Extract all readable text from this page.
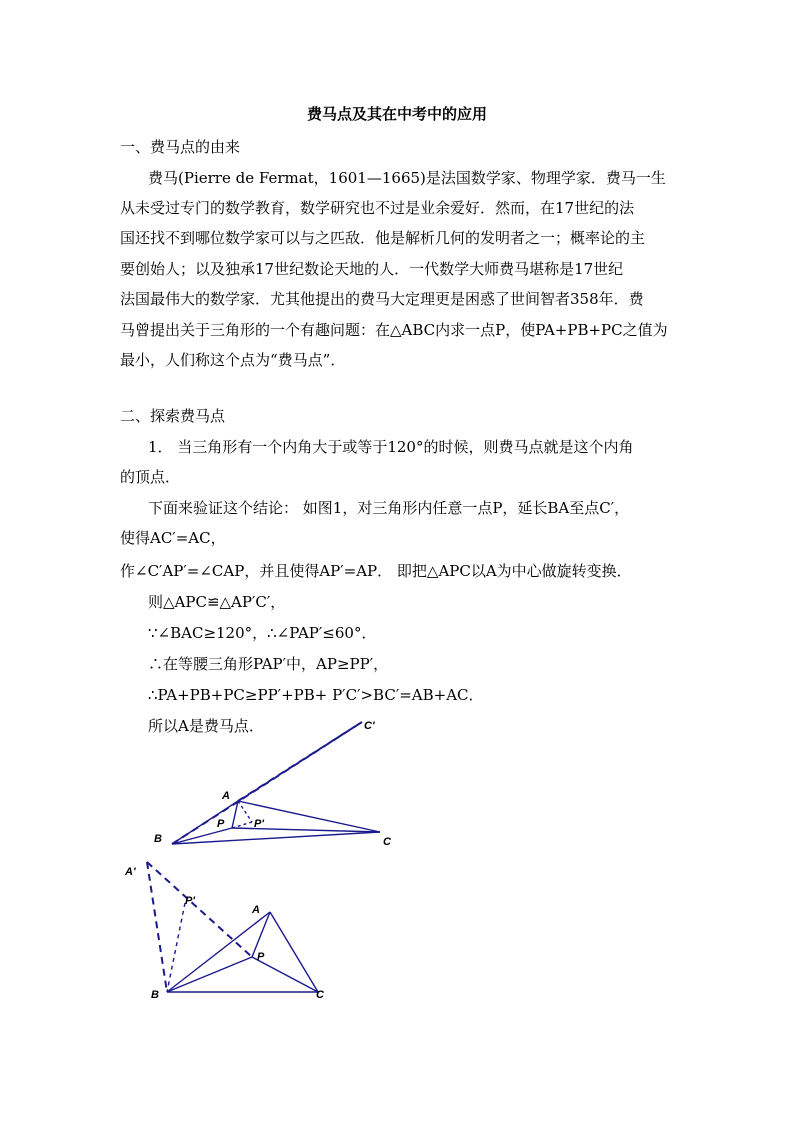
费马点及其在中考中的应用
一、费马点的由来
费马(Pierre de Fermat，1601—1665)是法国数学家、物理学家．费马一生
从未受过专门的数学教育，数学研究也不过是业余爱好．然而，在17世纪的法
国还找不到哪位数学家可以与之匹敌．他是解析几何的发明者之一；概率论的主
要创始人；以及独承17世纪数论天地的人．一代数学大师费马堪称是17世纪
法国最伟大的数学家．尤其他提出的费马大定理更是困惑了世间智者358年．费
马曾提出关于三角形的一个有趣问题：在△ABC内求一点P，使PA+PB+PC之值为
最小，人们称这个点为“费马点”．
二、探索费马点
1． 当三角形有一个内角大于或等于120°的时候，则费马点就是这个内角
的顶点．
下面来验证这个结论： 如图1，对三角形内任意一点P，延长BA至点C′，
使得AC′=AC，
作∠C′AP′=∠CAP，并且使得AP′=AP． 即把△APC以A为中心做旋转变换．
则△APC≌△AP′C′，
∵∠BAC≥120°，∴∠PAP′≤60°．
∴在等腰三角形PAP′中，AP≥PP′，
∴PA+PB+PC≥PP′+PB+ P′C′>BC′=AB+AC．
所以A是费马点．
A
B	C
P	P'
C'
A'
P'
A
P
B	C
